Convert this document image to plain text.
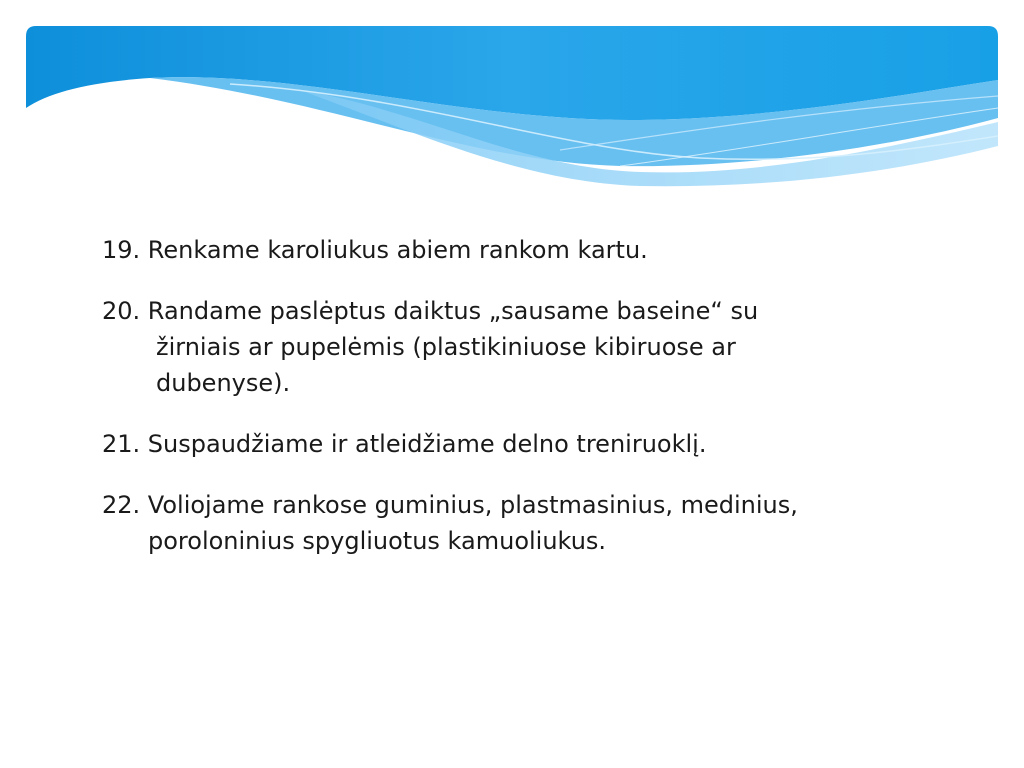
19. Renkame karoliukus abiem rankom kartu.
20. Randame paslėptus daiktus „sausame baseine“ su
žirniais ar pupelėmis (plastikiniuose kibiruose ar
dubenyse).
21. Suspaudžiame ir atleidžiame delno treniruoklį.
22. Voliojame rankose guminius, plastmasinius, medinius,
poroloninius spygliuotus kamuoliukus.
